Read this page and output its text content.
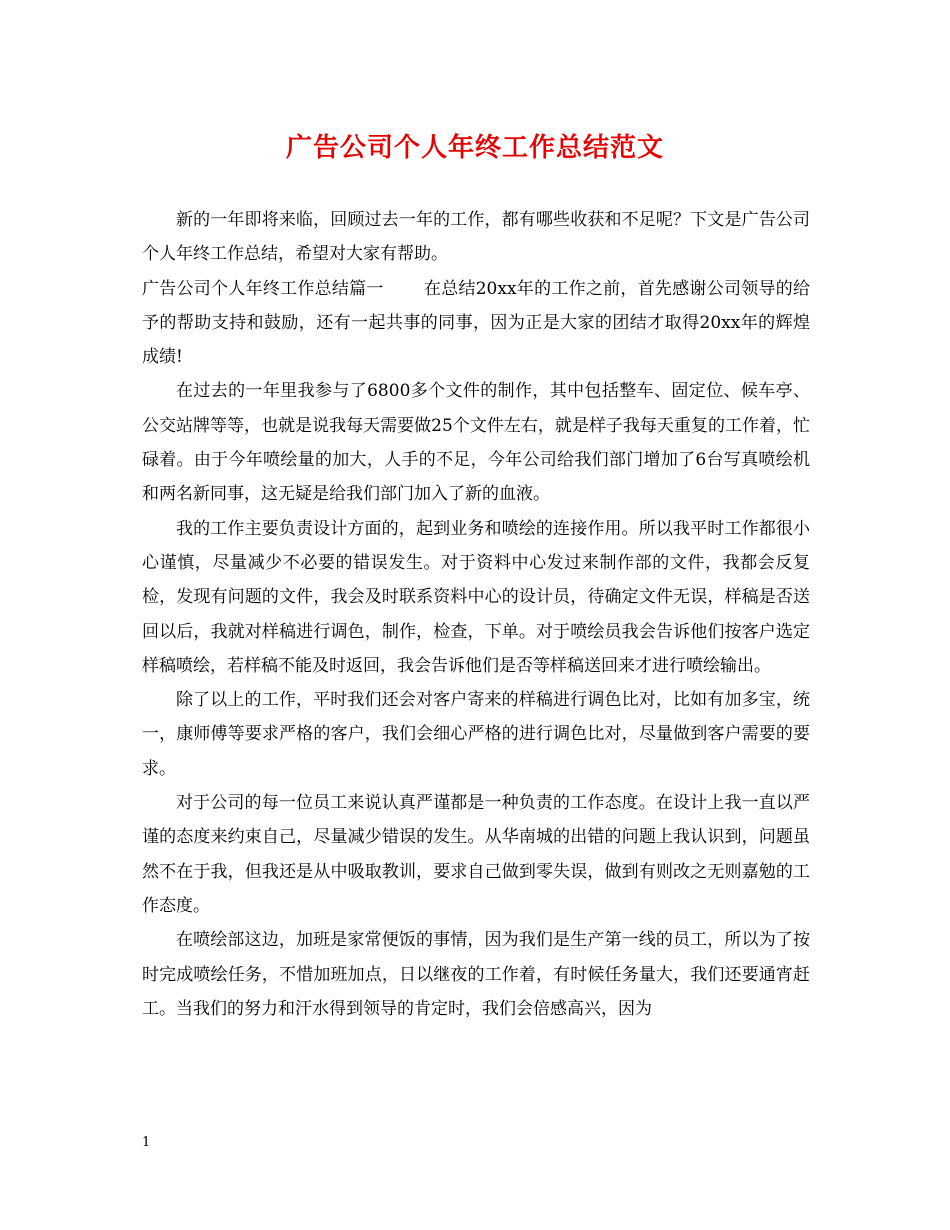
广告公司个人年终工作总结范文

新的一年即将来临，回顾过去一年的工作，都有哪些收获和不足呢？下文是广告公司个人年终工作总结，希望对大家有帮助。

广告公司个人年终工作总结篇一 在总结20xx年的工作之前，首先感谢公司领导的给予的帮助支持和鼓励，还有一起共事的同事，因为正是大家的团结才取得20xx年的辉煌成绩!

在过去的一年里我参与了6800多个文件的制作，其中包括整车、固定位、候车亭、公交站牌等等，也就是说我每天需要做25个文件左右，就是样子我每天重复的工作着，忙碌着。由于今年喷绘量的加大，人手的不足，今年公司给我们部门增加了6台写真喷绘机和两名新同事，这无疑是给我们部门加入了新的血液。

我的工作主要负责设计方面的，起到业务和喷绘的连接作用。所以我平时工作都很小心谨慎，尽量减少不必要的错误发生。对于资料中心发过来制作部的文件，我都会反复检，发现有问题的文件，我会及时联系资料中心的设计员，待确定文件无误，样稿是否送回以后，我就对样稿进行调色，制作，检查，下单。对于喷绘员我会告诉他们按客户选定样稿喷绘，若样稿不能及时返回，我会告诉他们是否等样稿送回来才进行喷绘输出。

除了以上的工作，平时我们还会对客户寄来的样稿进行调色比对，比如有加多宝，统一，康师傅等要求严格的客户，我们会细心严格的进行调色比对，尽量做到客户需要的要求。

对于公司的每一位员工来说认真严谨都是一种负责的工作态度。在设计上我一直以严谨的态度来约束自己，尽量减少错误的发生。从华南城的出错的问题上我认识到，问题虽然不在于我，但我还是从中吸取教训，要求自己做到零失误，做到有则改之无则嘉勉的工作态度。

在喷绘部这边，加班是家常便饭的事情，因为我们是生产第一线的员工，所以为了按时完成喷绘任务，不惜加班加点，日以继夜的工作着，有时候任务量大，我们还要通宵赶工。当我们的努力和汗水得到领导的肯定时，我们会倍感高兴，因为

1
